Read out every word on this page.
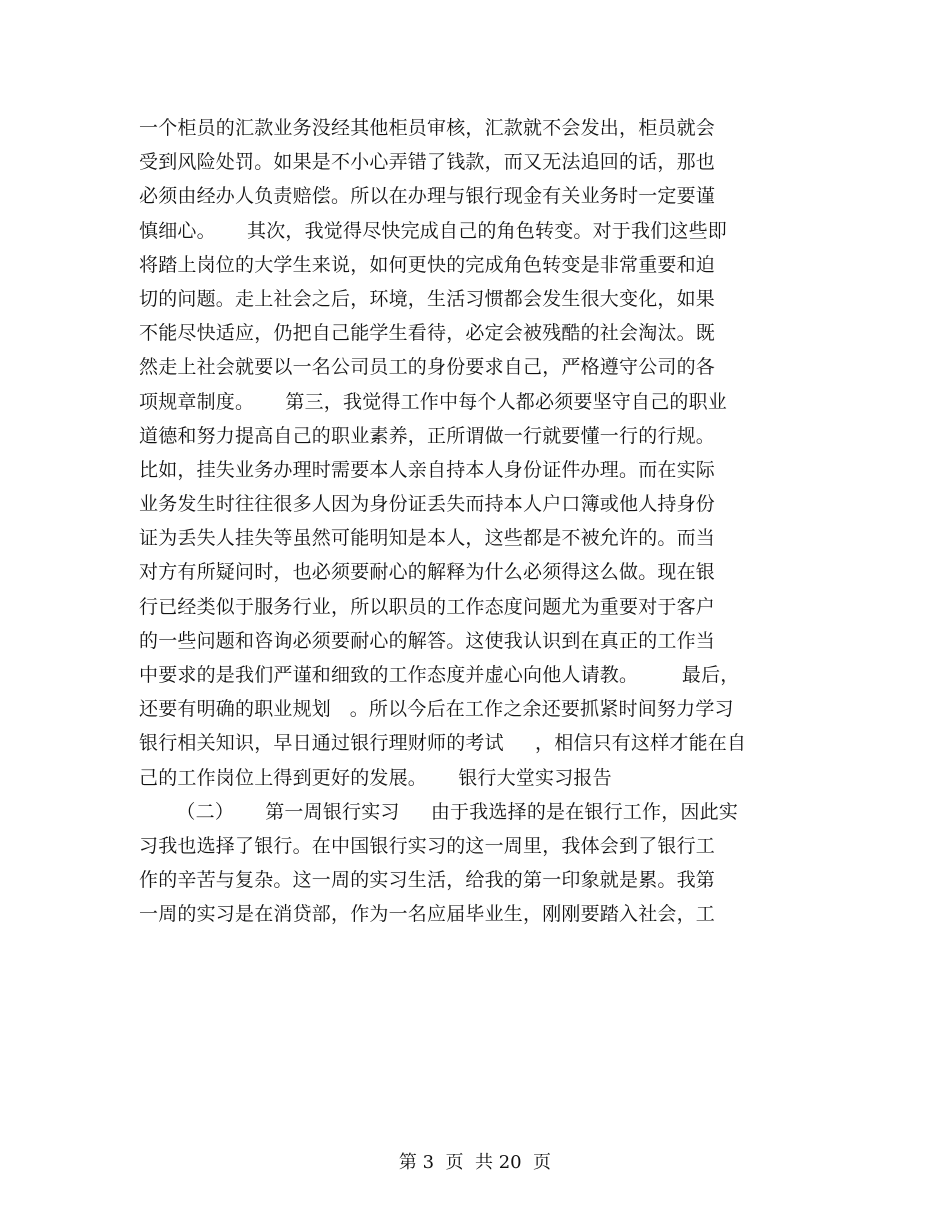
一个柜员的汇款业务没经其他柜员审核，汇款就不会发出，柜员就会
受到风险处罚。如果是不小心弄错了钱款，而又无法追回的话，那也
必须由经办人负责赔偿。所以在办理与银行现金有关业务时一定要谨
慎细心。     其次，我觉得尽快完成自己的角色转变。对于我们这些即
将踏上岗位的大学生来说，如何更快的完成角色转变是非常重要和迫
切的问题。走上社会之后，环境，生活习惯都会发生很大变化，如果
不能尽快适应，仍把自己能学生看待，必定会被残酷的社会淘汰。既
然走上社会就要以一名公司员工的身份要求自己，严格遵守公司的各
项规章制度。     第三，我觉得工作中每个人都必须要坚守自己的职业
道德和努力提高自己的职业素养，正所谓做一行就要懂一行的行规。
比如，挂失业务办理时需要本人亲自持本人身份证件办理。而在实际
业务发生时往往很多人因为身份证丢失而持本人户口簿或他人持身份
证为丢失人挂失等虽然可能明知是本人，这些都是不被允许的。而当
对方有所疑问时，也必须要耐心的解释为什么必须得这么做。现在银
行已经类似于服务行业，所以职员的工作态度问题尤为重要对于客户
的一些问题和咨询必须要耐心的解答。这使我认识到在真正的工作当
中要求的是我们严谨和细致的工作态度并虚心向他人请教。       最后，
还要有明确的职业规划   。所以今后在工作之余还要抓紧时间努力学习
银行相关知识，早日通过银行理财师的考试     ，相信只有这样才能在自
己的工作岗位上得到更好的发展。     银行大堂实习报告
（二）     第一周银行实习     由于我选择的是在银行工作，因此实
习我也选择了银行。在中国银行实习的这一周里，我体会到了银行工
作的辛苦与复杂。这一周的实习生活，给我的第一印象就是累。我第
一周的实习是在消贷部，作为一名应届毕业生，刚刚要踏入社会，工
第 3  页  共 20  页
